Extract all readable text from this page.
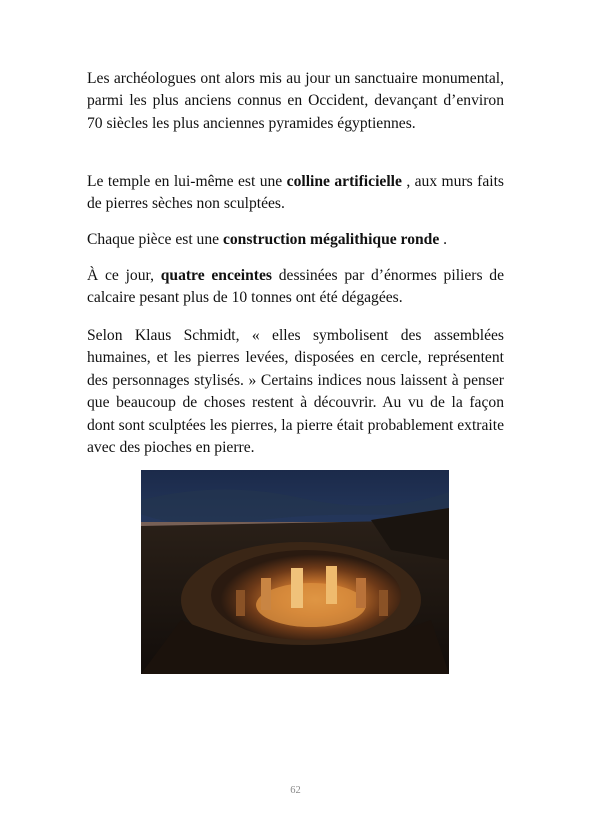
Les archéologues ont alors mis au jour un sanctuaire monumental, parmi les plus anciens connus en Occident, devançant d’environ 70 siècles les plus anciennes pyramides égyptiennes.

Le temple en lui-même est une colline artificielle , aux murs faits de pierres sèches non sculptées.

Chaque pièce est une construction mégalithique ronde .

À ce jour, quatre enceintes dessinées par d’énormes piliers de calcaire pesant plus de 10 tonnes ont été dégagées.

Selon Klaus Schmidt, « elles symbolisent des assemblées humaines, et les pierres levées, disposées en cercle, représentent des personnages stylisés. » Certains indices nous laissent à penser que beaucoup de choses restent à découvrir. Au vu de la façon dont sont sculptées les pierres, la pierre était probablement extraite avec des pioches en pierre.

62
